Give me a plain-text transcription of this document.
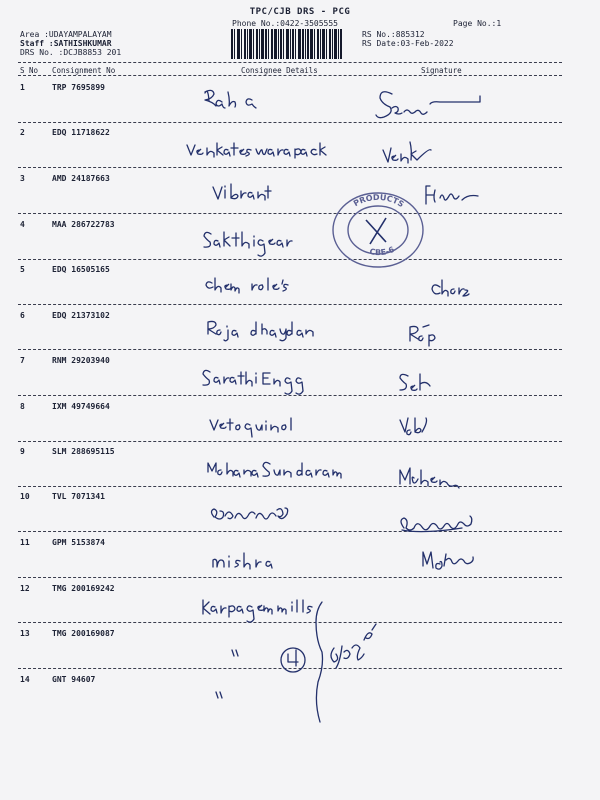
TPC/CJB DRS - PCG
Phone No.:0422-3505555	Page No.:1
Area :UDAYAMPALAYAM
Staff :SATHISHKUMAR
DRS No. :DCJB8853 201
RS No.:885312
RS Date:03-Feb-2022
S No Consignment No	Consignee Details	Signature
1	TRP 7695899
2	EDQ 11718622
3	AMD 24187663
4	MAA 286722783
5	EDQ 16505165
6	EDQ 21373102
7	RNM 29203940
8	IXM 49749664
9	SLM 288695115
10	TVL 7071341
11	GPM 5153874
12	TMG 200169242
13	TMG 200169087
14	GNT 94607
PRODUCTS
CBE-6
